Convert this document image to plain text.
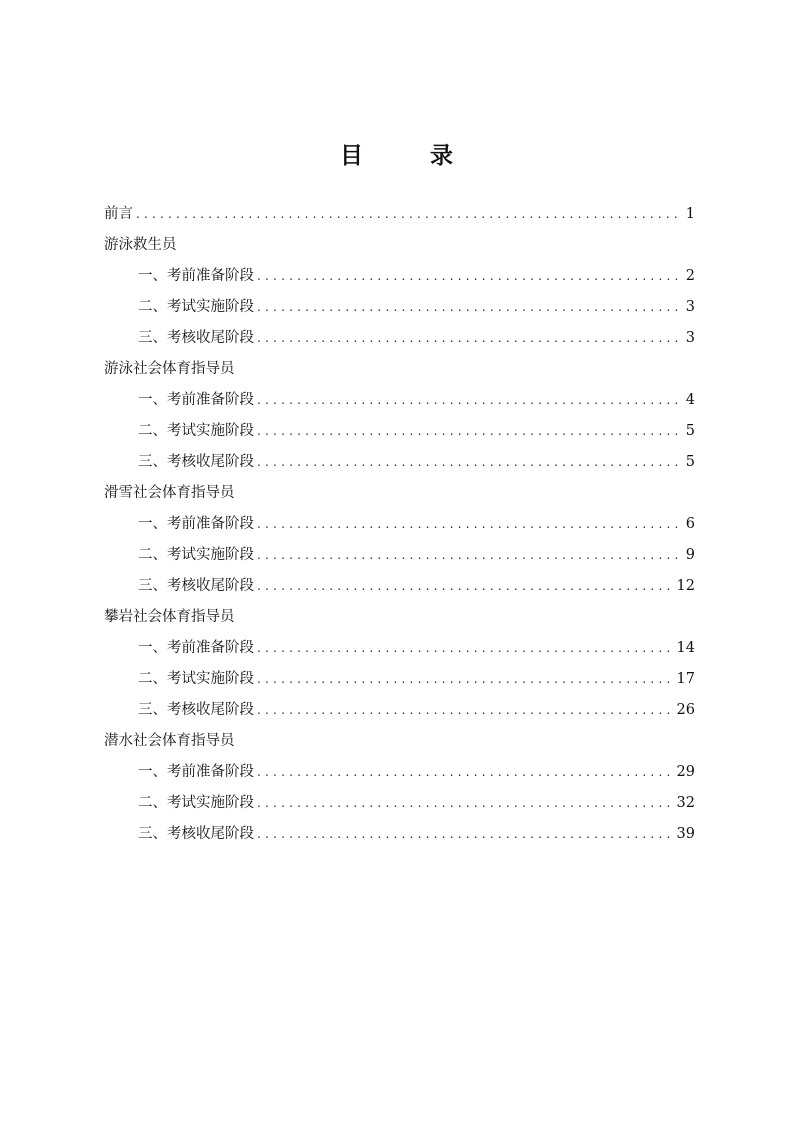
目　录
前言 . . .	1
游泳救生员
一、考前准备阶段 . . .	2
二、考试实施阶段 . . .	3
三、考核收尾阶段 . . .	3
游泳社会体育指导员
一、考前准备阶段 . . .	4
二、考试实施阶段 . . .	5
三、考核收尾阶段 . . .	5
滑雪社会体育指导员
一、考前准备阶段 . . .	6
二、考试实施阶段 . . .	9
三、考核收尾阶段 . . .	12
攀岩社会体育指导员
一、考前准备阶段 . . .	14
二、考试实施阶段 . . .	17
三、考核收尾阶段 . . .	26
潜水社会体育指导员
一、考前准备阶段 . . .	29
二、考试实施阶段 . . .	32
三、考核收尾阶段 . . .	39
